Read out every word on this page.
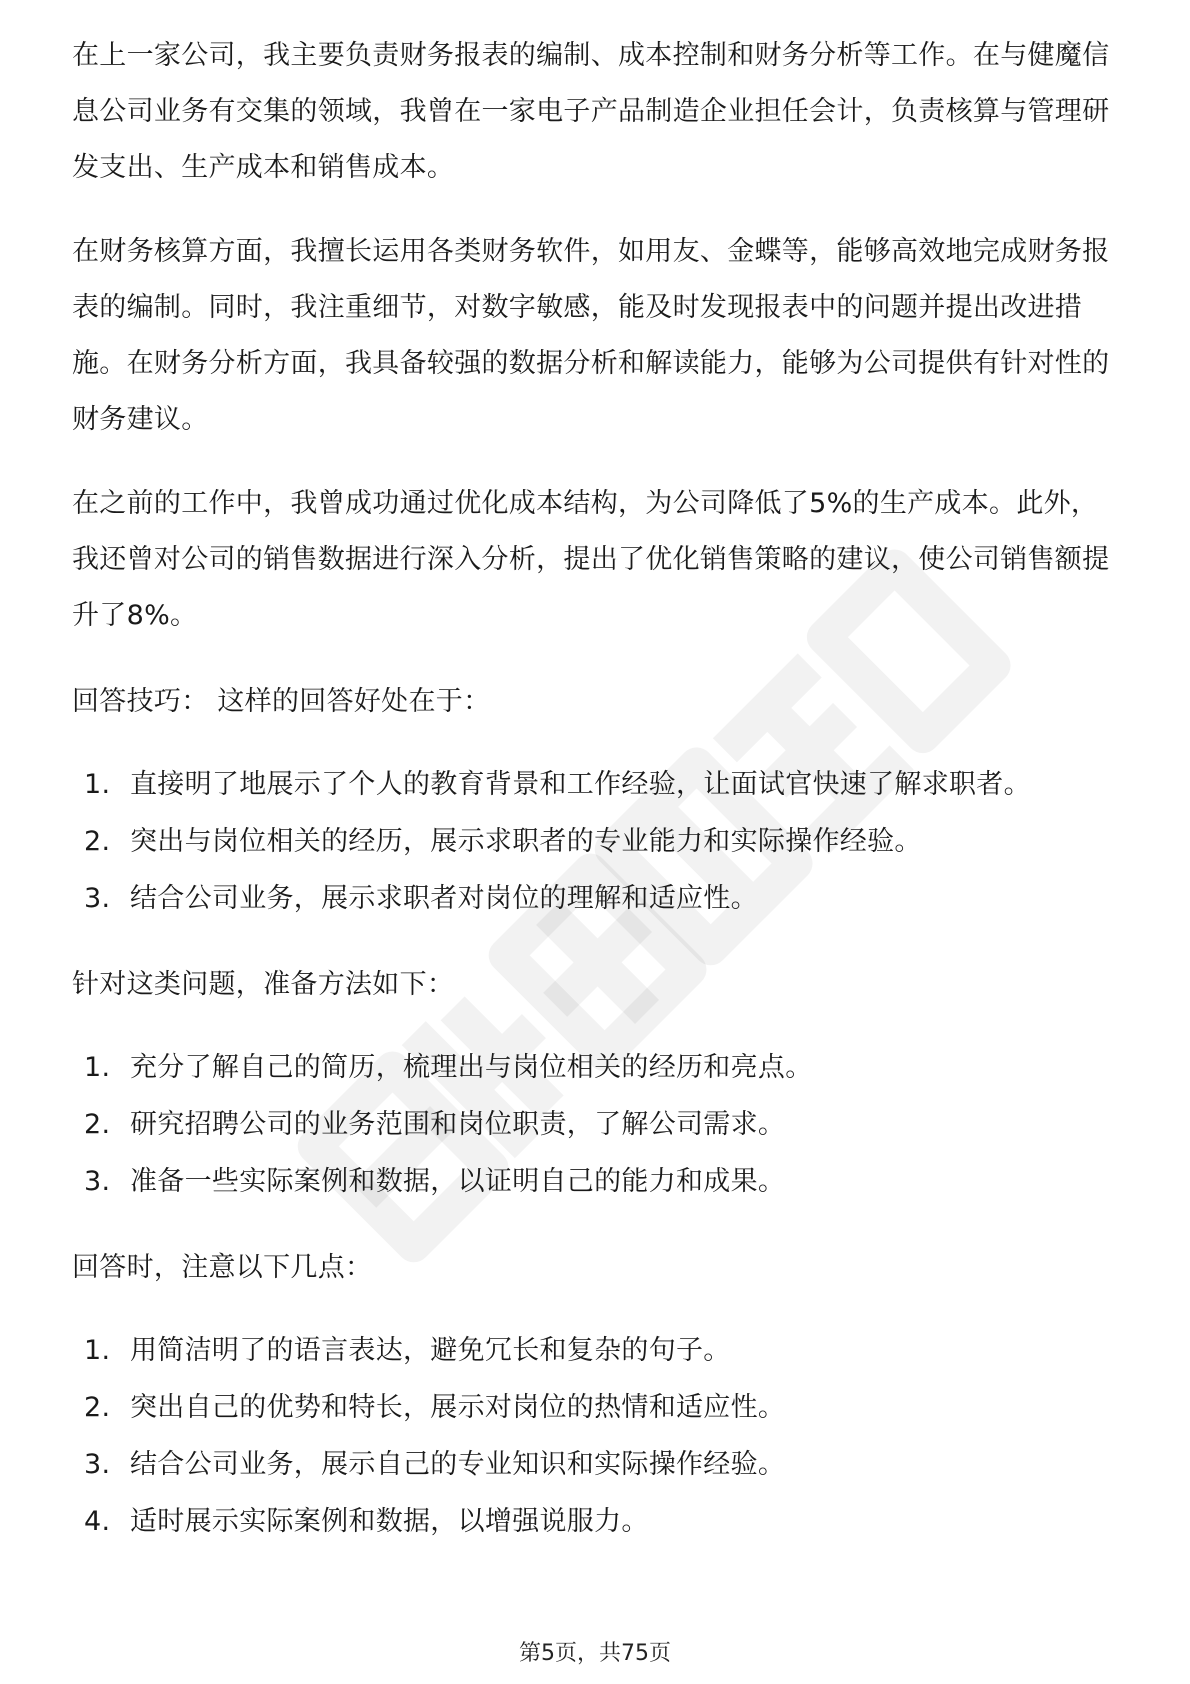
在上一家公司，我主要负责财务报表的编制、成本控制和财务分析等工作。在与健魔信息公司业务有交集的领域，我曾在一家电子产品制造企业担任会计，负责核算与管理研发支出、生产成本和销售成本。

在财务核算方面，我擅长运用各类财务软件，如用友、金蝶等，能够高效地完成财务报表的编制。同时，我注重细节，对数字敏感，能及时发现报表中的问题并提出改进措施。在财务分析方面，我具备较强的数据分析和解读能力，能够为公司提供有针对性的财务建议。

在之前的工作中，我曾成功通过优化成本结构，为公司降低了5%的生产成本。此外，我还曾对公司的销售数据进行深入分析，提出了优化销售策略的建议，使公司销售额提升了8%。

回答技巧： 这样的回答好处在于：

1. 直接明了地展示了个人的教育背景和工作经验，让面试官快速了解求职者。
2. 突出与岗位相关的经历，展示求职者的专业能力和实际操作经验。
3. 结合公司业务，展示求职者对岗位的理解和适应性。

针对这类问题，准备方法如下：

1. 充分了解自己的简历，梳理出与岗位相关的经历和亮点。
2. 研究招聘公司的业务范围和岗位职责，了解公司需求。
3. 准备一些实际案例和数据，以证明自己的能力和成果。

回答时，注意以下几点：

1. 用简洁明了的语言表达，避免冗长和复杂的句子。
2. 突出自己的优势和特长，展示对岗位的热情和适应性。
3. 结合公司业务，展示自己的专业知识和实际操作经验。
4. 适时展示实际案例和数据，以增强说服力。
第5页，共75页
